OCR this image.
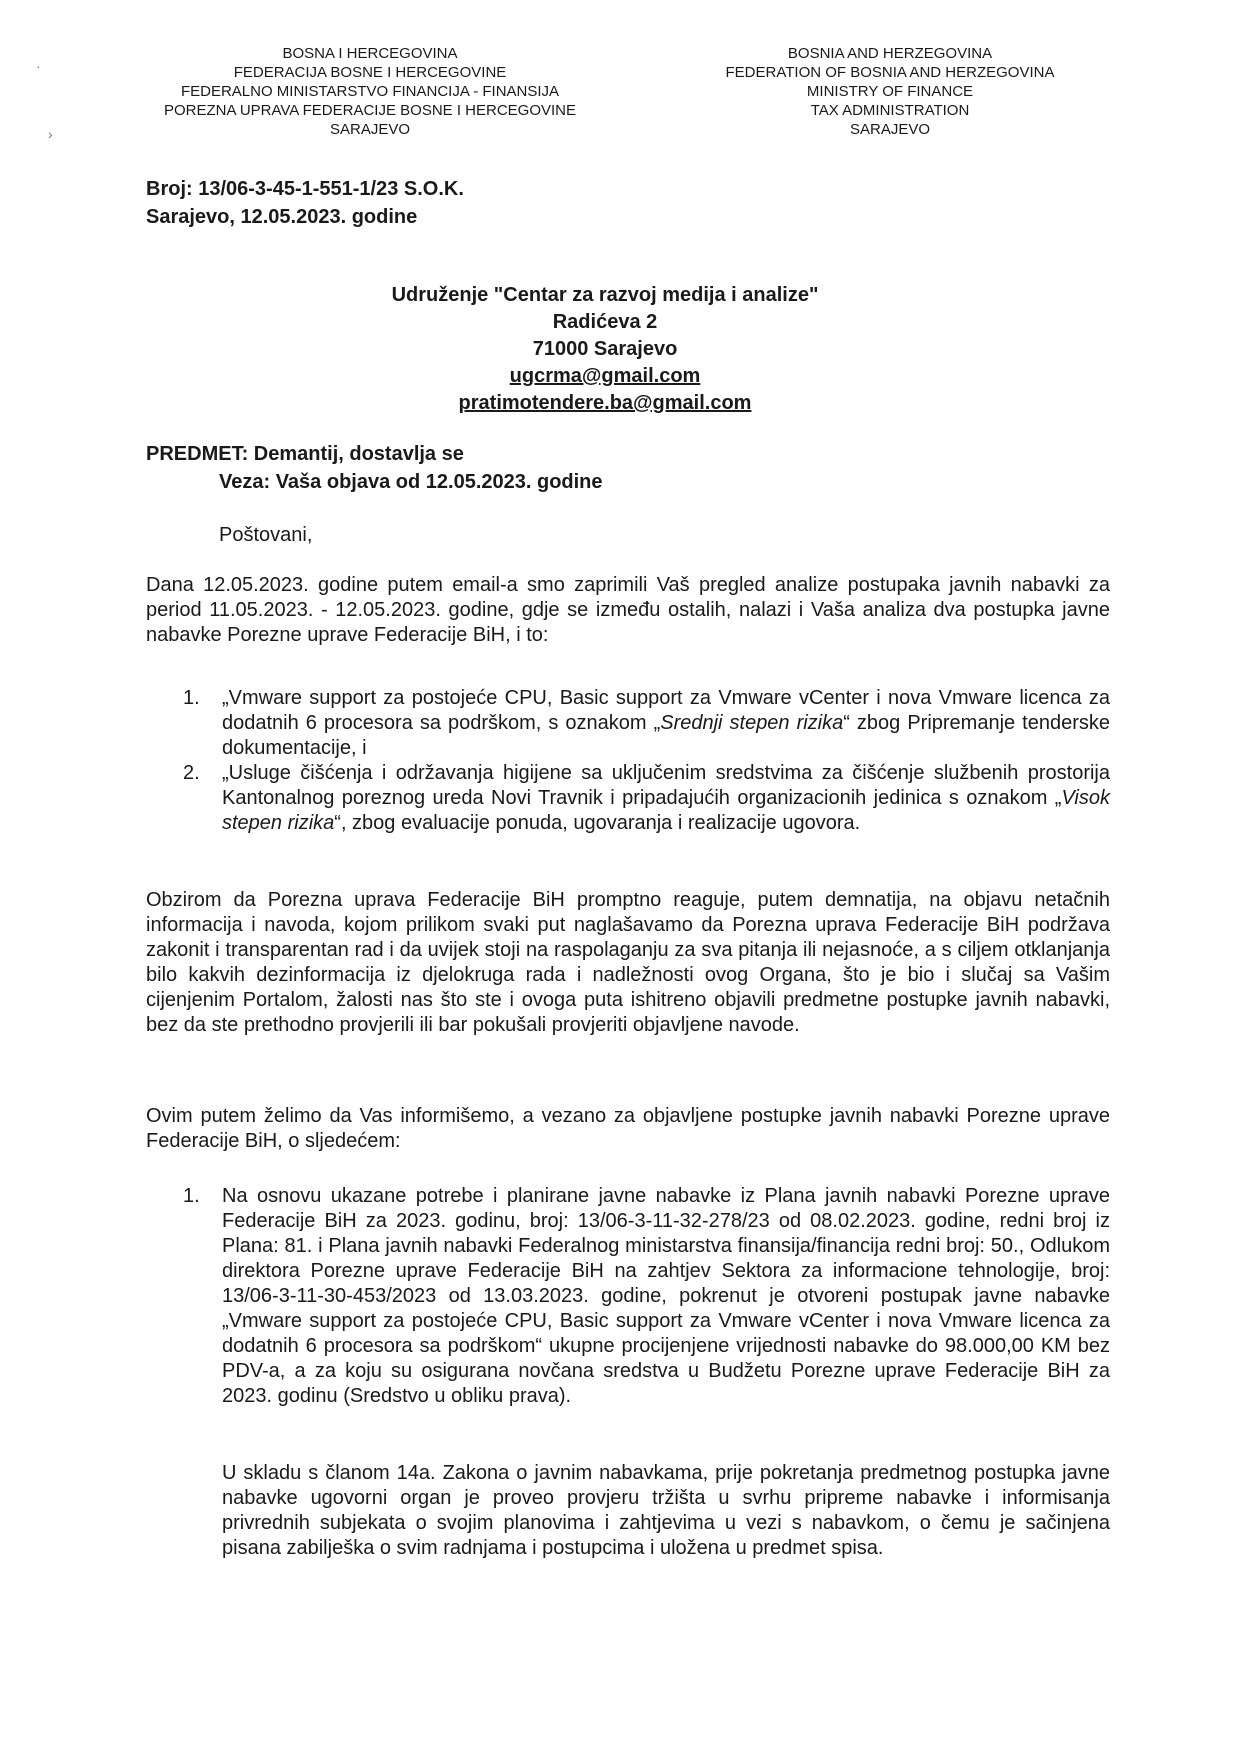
·
›
BOSNA I HERCEGOVINA
FEDERACIJA BOSNE I HERCEGOVINE
FEDERALNO MINISTARSTVO FINANCIJA - FINANSIJA
POREZNA UPRAVA FEDERACIJE BOSNE I HERCEGOVINE
SARAJEVO
BOSNIA AND HERZEGOVINA
FEDERATION OF BOSNIA AND HERZEGOVINA
MINISTRY OF FINANCE
TAX ADMINISTRATION
SARAJEVO
Broj: 13/06-3-45-1-551-1/23 S.O.K.
Sarajevo, 12.05.2023. godine
Udruženje "Centar za razvoj medija i analize"
Radićeva 2
71000 Sarajevo
ugcrma@gmail.com
pratimotendere.ba@gmail.com
PREDMET: Demantij, dostavlja se
Veza: Vaša objava od 12.05.2023. godine
Poštovani,

Dana 12.05.2023. godine putem email-a smo zaprimili Vaš pregled analize postupaka javnih nabavki za period 11.05.2023. - 12.05.2023. godine, gdje se između ostalih, nalazi i Vaša analiza dva postupka javne nabavke Porezne uprave Federacije BiH, i to:

1. „Vmware support za postojeće CPU, Basic support za Vmware vCenter i nova Vmware licenca za dodatnih 6 procesora sa podrškom, s oznakom „Srednji stepen rizika“ zbog Pripremanje tenderske dokumentacije, i
2. „Usluge čišćenja i održavanja higijene sa uključenim sredstvima za čišćenje službenih prostorija Kantonalnog poreznog ureda Novi Travnik i pripadajućih organizacionih jedinica s oznakom „Visok stepen rizika“, zbog evaluacije ponuda, ugovaranja i realizacije ugovora.

Obzirom da Porezna uprava Federacije BiH promptno reaguje, putem demnatija, na objavu netačnih informacija i navoda, kojom prilikom svaki put naglašavamo da Porezna uprava Federacije BiH podržava zakonit i transparentan rad i da uvijek stoji na raspolaganju za sva pitanja ili nejasnoće, a s ciljem otklanjanja bilo kakvih dezinformacija iz djelokruga rada i nadležnosti ovog Organa, što je bio i slučaj sa Vašim cijenjenim Portalom, žalosti nas što ste i ovoga puta ishitreno objavili predmetne postupke javnih nabavki, bez da ste prethodno provjerili ili bar pokušali provjeriti objavljene navode.

Ovim putem želimo da Vas informišemo, a vezano za objavljene postupke javnih nabavki Porezne uprave Federacije BiH, o sljedećem:

1. Na osnovu ukazane potrebe i planirane javne nabavke iz Plana javnih nabavki Porezne uprave Federacije BiH za 2023. godinu, broj: 13/06-3-11-32-278/23 od 08.02.2023. godine, redni broj iz Plana: 81. i Plana javnih nabavki Federalnog ministarstva finansija/financija redni broj: 50., Odlukom direktora Porezne uprave Federacije BiH na zahtjev Sektora za informacione tehnologije, broj: 13/06-3-11-30-453/2023 od 13.03.2023. godine, pokrenut je otvoreni postupak javne nabavke „Vmware support za postojeće CPU, Basic support za Vmware vCenter i nova Vmware licenca za dodatnih 6 procesora sa podrškom“ ukupne procijenjene vrijednosti nabavke do 98.000,00 KM bez PDV-a, a za koju su osigurana novčana sredstva u Budžetu Porezne uprave Federacije BiH za 2023. godinu (Sredstvo u obliku prava).

U skladu s članom 14a. Zakona o javnim nabavkama, prije pokretanja predmetnog postupka javne nabavke ugovorni organ je proveo provjeru tržišta u svrhu pripreme nabavke i informisanja privrednih subjekata o svojim planovima i zahtjevima u vezi s nabavkom, o čemu je sačinjena pisana zabilješka o svim radnjama i postupcima i uložena u predmet spisa.
